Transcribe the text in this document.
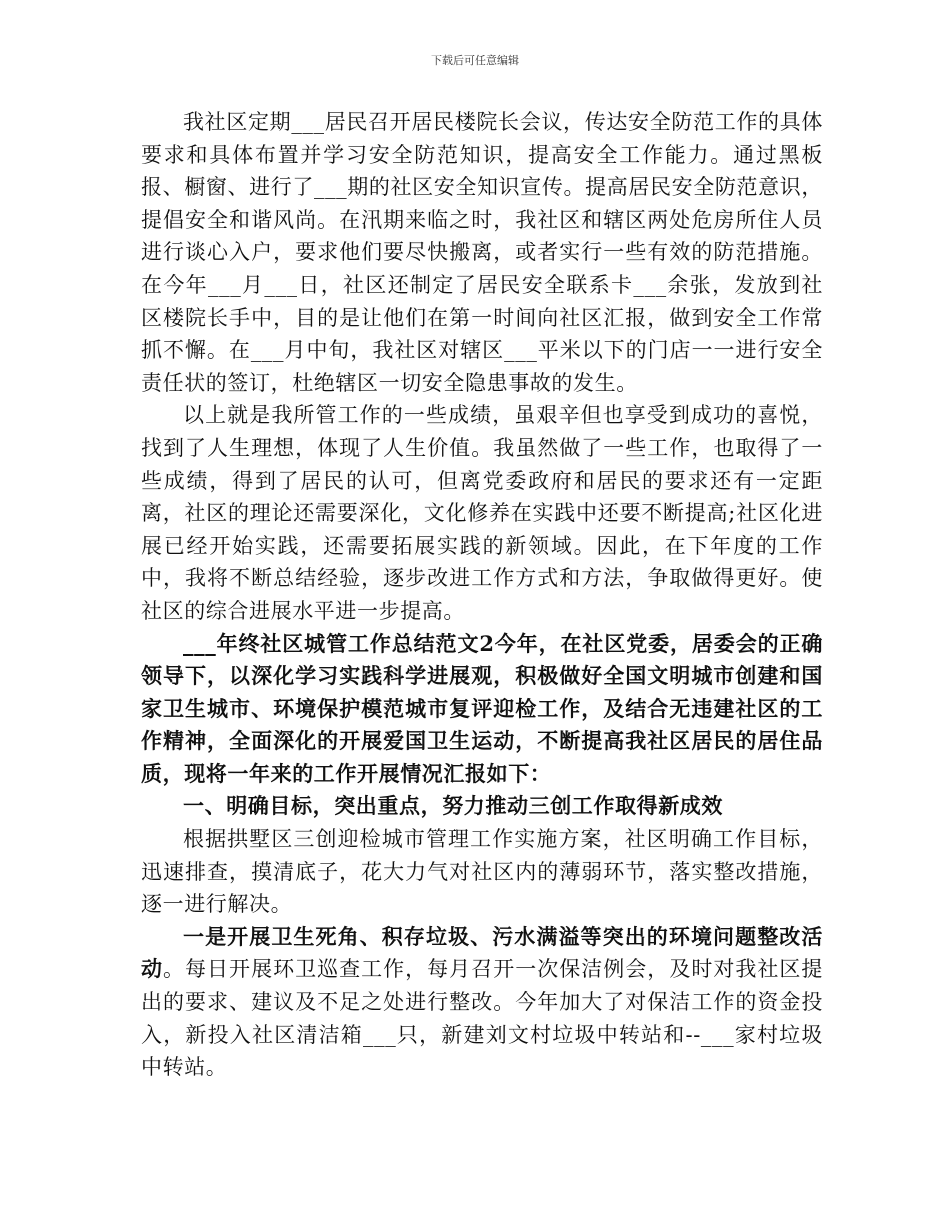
下载后可任意编辑

我社区定期___居民召开居民楼院长会议，传达安全防范工作的具体要求和具体布置并学习安全防范知识，提高安全工作能力。通过黑板报、橱窗、进行了___期的社区安全知识宣传。提高居民安全防范意识，提倡安全和谐风尚。在汛期来临之时，我社区和辖区两处危房所住人员进行谈心入户，要求他们要尽快搬离，或者实行一些有效的防范措施。在今年___月___日，社区还制定了居民安全联系卡___余张，发放到社区楼院长手中，目的是让他们在第一时间向社区汇报，做到安全工作常抓不懈。在___月中旬，我社区对辖区___平米以下的门店一一进行安全责任状的签订，杜绝辖区一切安全隐患事故的发生。

以上就是我所管工作的一些成绩，虽艰辛但也享受到成功的喜悦，找到了人生理想，体现了人生价值。我虽然做了一些工作，也取得了一些成绩，得到了居民的认可，但离党委政府和居民的要求还有一定距离，社区的理论还需要深化，文化修养在实践中还要不断提高;社区化进展已经开始实践，还需要拓展实践的新领域。因此，在下年度的工作中，我将不断总结经验，逐步改进工作方式和方法，争取做得更好。使社区的综合进展水平进一步提高。

___年终社区城管工作总结范文2今年，在社区党委，居委会的正确领导下，以深化学习实践科学进展观，积极做好全国文明城市创建和国家卫生城市、环境保护模范城市复评迎检工作，及结合无违建社区的工作精神，全面深化的开展爱国卫生运动，不断提高我社区居民的居住品质，现将一年来的工作开展情况汇报如下：

一、明确目标，突出重点，努力推动三创工作取得新成效

根据拱墅区三创迎检城市管理工作实施方案，社区明确工作目标，迅速排查，摸清底子，花大力气对社区内的薄弱环节，落实整改措施，逐一进行解决。

一是开展卫生死角、积存垃圾、污水满溢等突出的环境问题整改活动。每日开展环卫巡查工作，每月召开一次保洁例会，及时对我社区提出的要求、建议及不足之处进行整改。今年加大了对保洁工作的资金投入，新投入社区清洁箱___只，新建刘文村垃圾中转站和--___家村垃圾中转站。
